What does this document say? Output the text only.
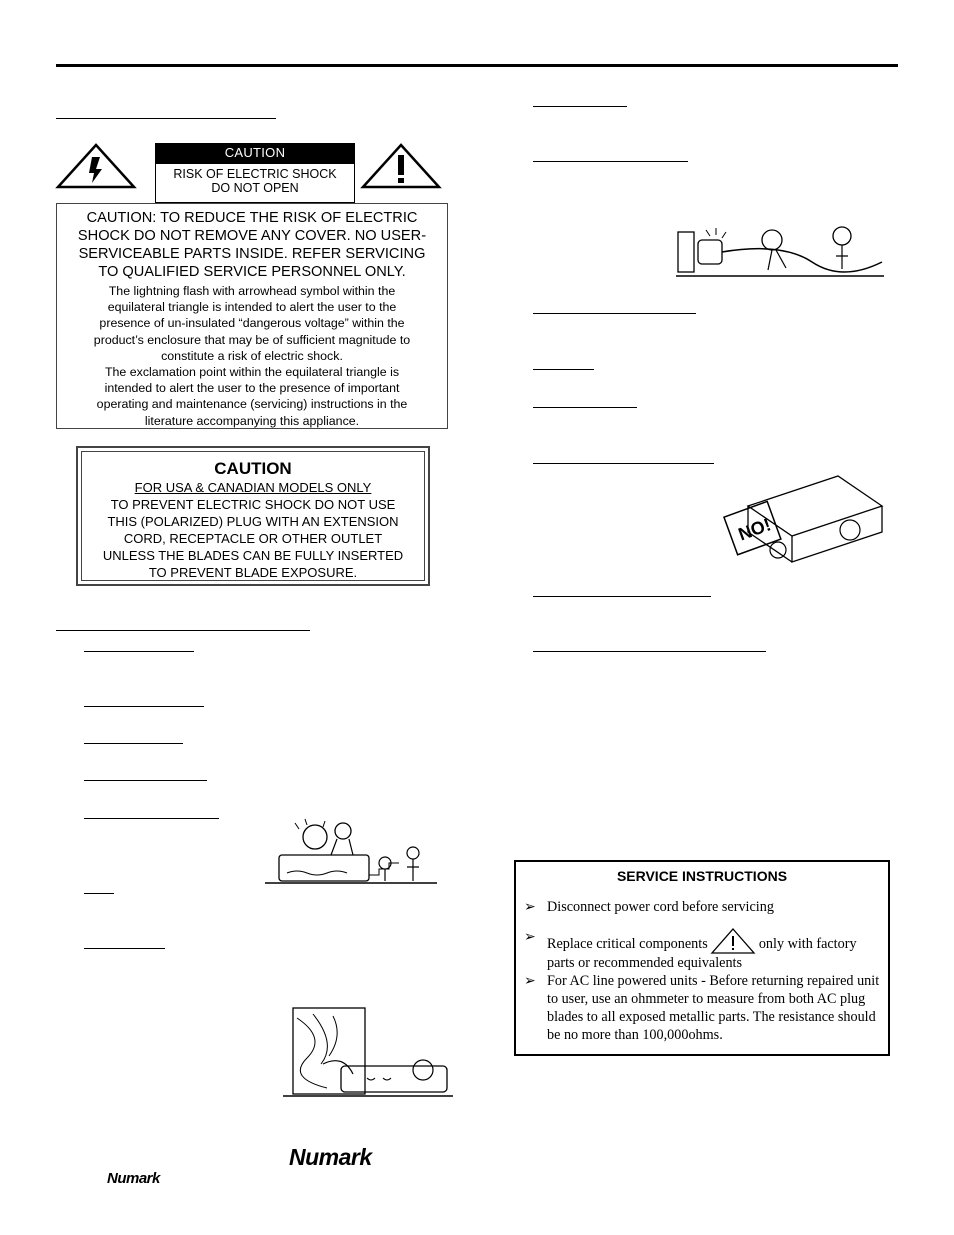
CAUTION
RISK OF ELECTRIC SHOCK
DO NOT OPEN
CAUTION: TO REDUCE THE RISK OF ELECTRIC
SHOCK DO NOT REMOVE ANY COVER. NO USER-
SERVICEABLE PARTS INSIDE. REFER SERVICING
TO QUALIFIED SERVICE PERSONNEL ONLY.
The lightning flash with arrowhead symbol within the
equilateral triangle is intended to alert the user to the
presence of un-insulated “dangerous voltage” within the
product’s enclosure that may be of sufficient magnitude to
constitute a risk of electric shock.
The exclamation point within the equilateral triangle is
intended to alert the user to the presence of important
operating and maintenance (servicing) instructions in the
literature accompanying this appliance.
CAUTION
FOR USA & CANADIAN MODELS ONLY
TO PREVENT ELECTRIC SHOCK DO NOT USE
THIS (POLARIZED) PLUG WITH AN EXTENSION
CORD, RECEPTACLE OR OTHER OUTLET
UNLESS THE BLADES CAN BE FULLY INSERTED
TO PREVENT BLADE EXPOSURE.
NO!
SERVICE INSTRUCTIONS
➢ Disconnect power cord before servicing
➢ Replace critical components	only with factory
parts or recommended equivalents
➢ For AC line powered units - Before returning repaired unit to user, use an ohmmeter to measure from both AC plug blades to all exposed metallic parts. The resistance should be no more than 100,000ohms.
Numark
Numark
